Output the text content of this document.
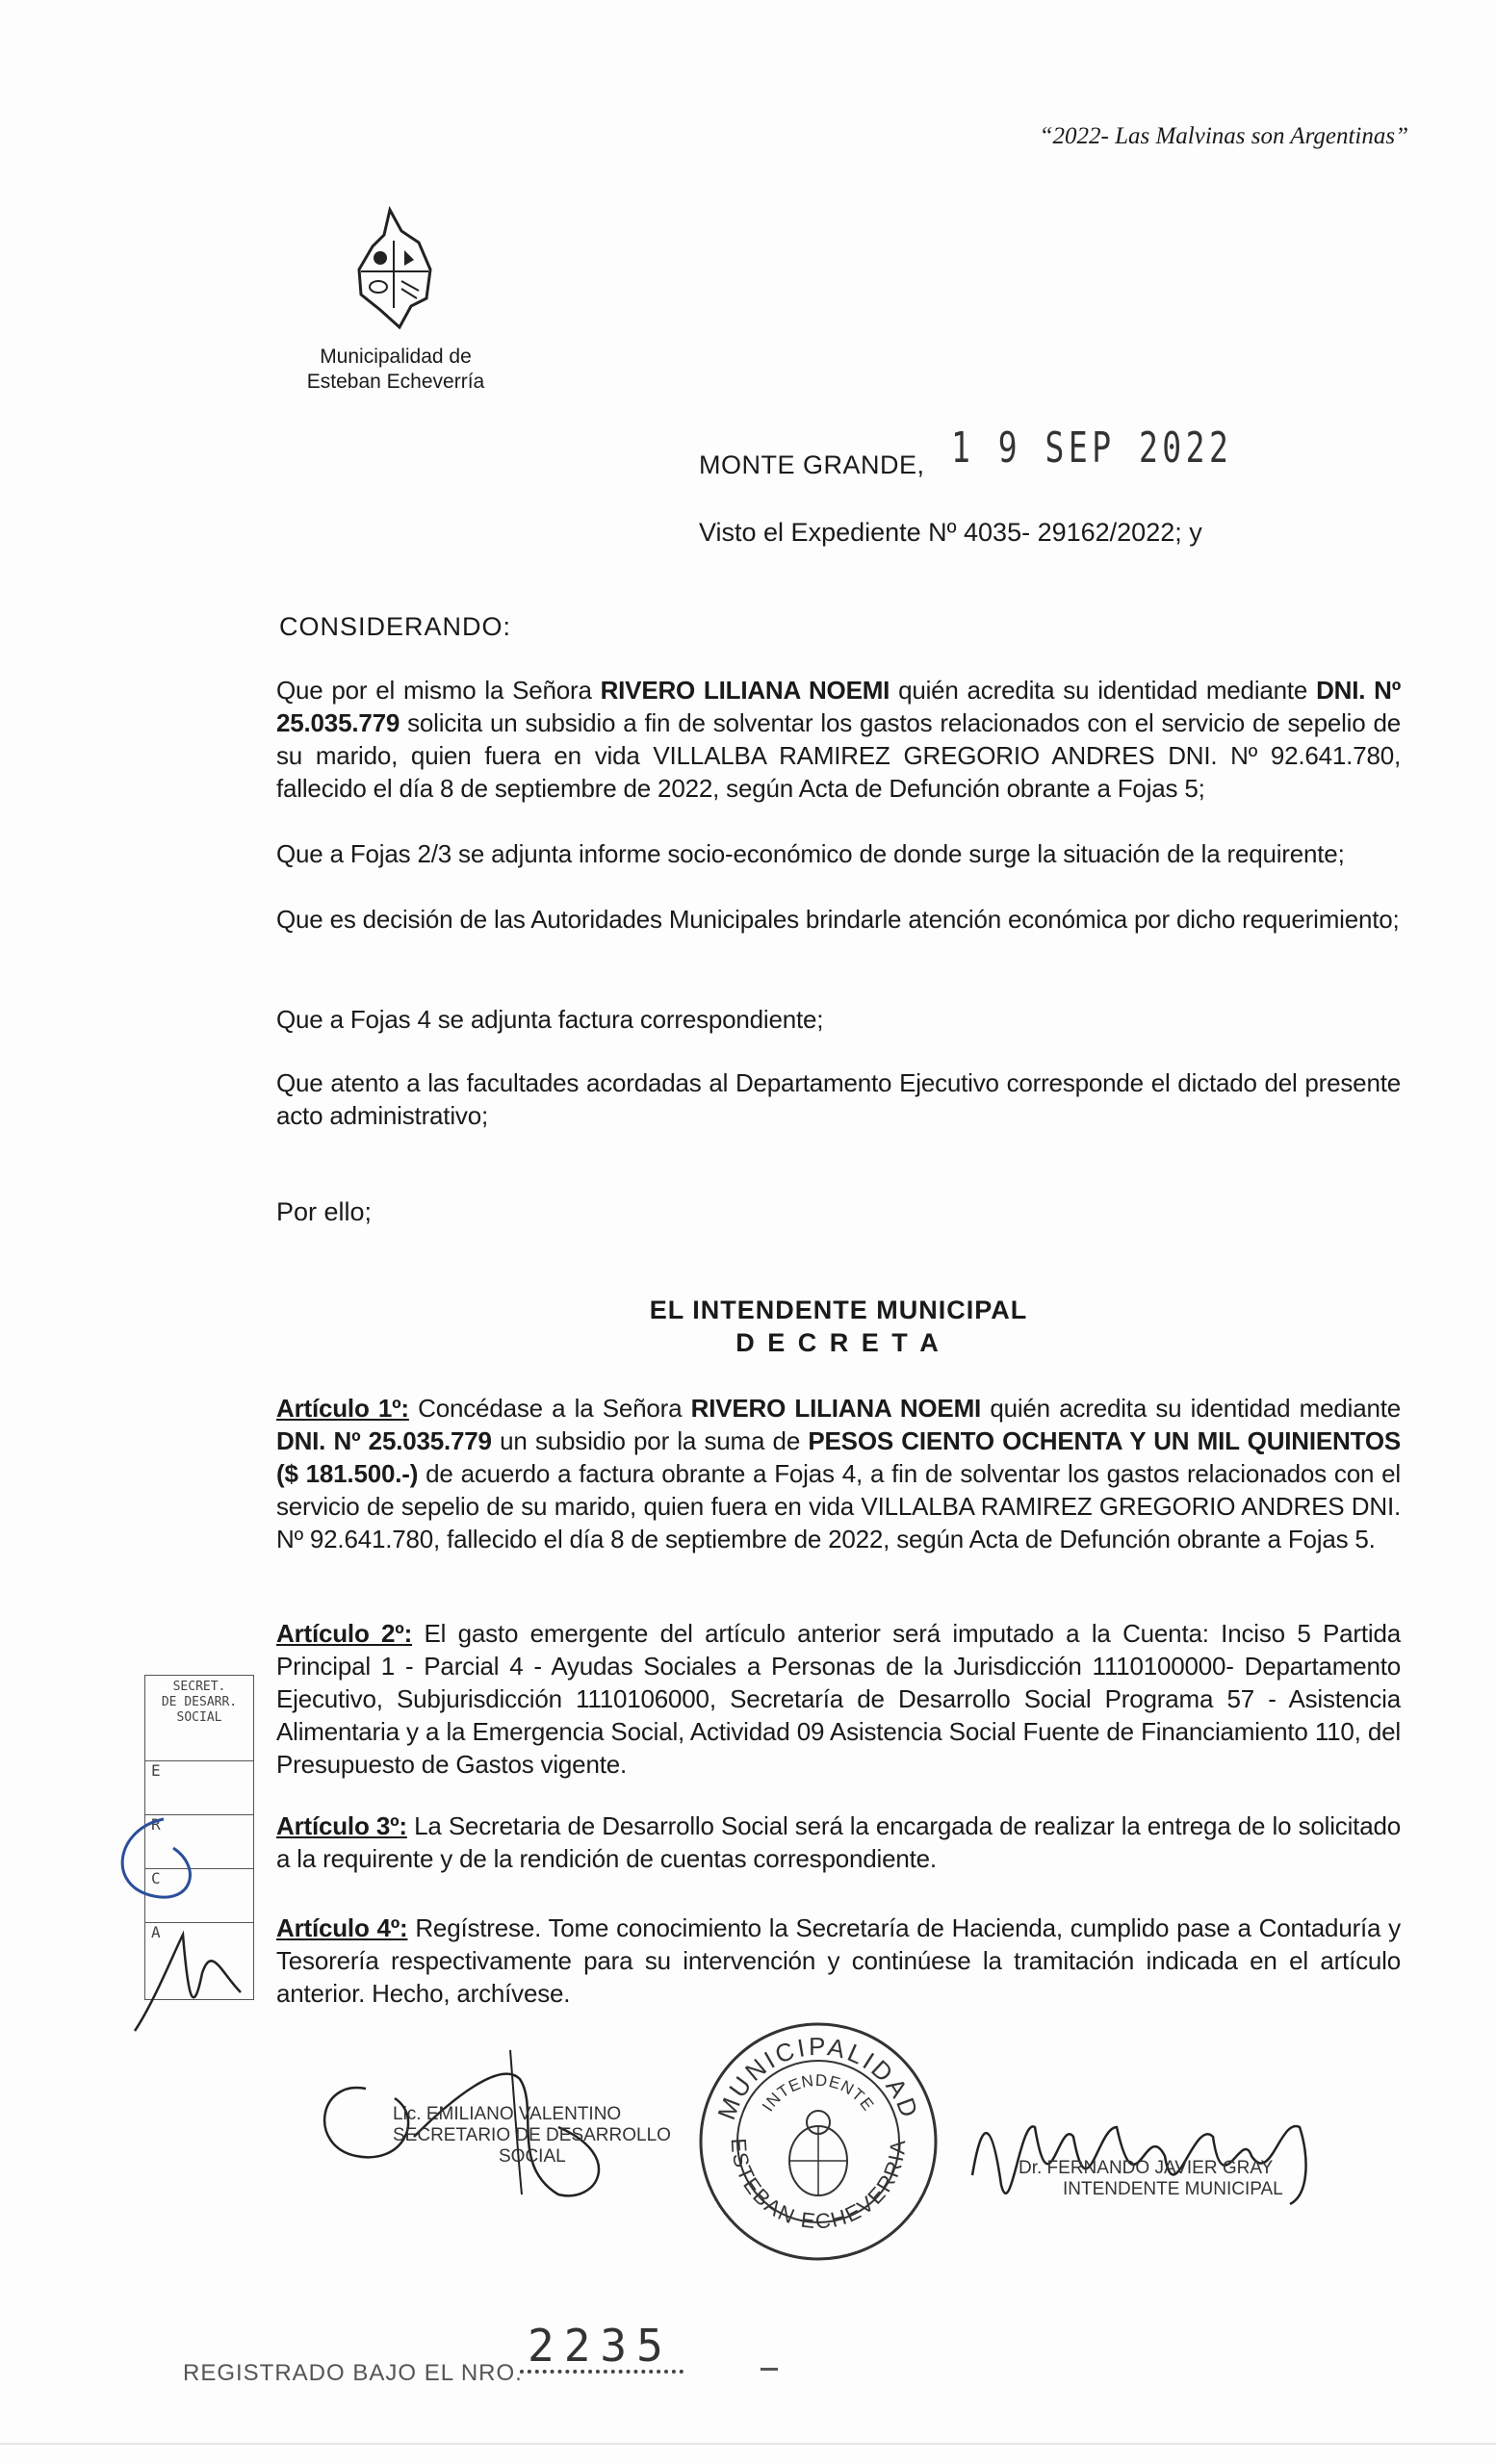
“2022- Las Malvinas son Argentinas”
Municipalidad de
Esteban Echeverría
MONTE GRANDE, 1 9 SEP 2022
Visto el Expediente Nº 4035- 29162/2022; y
CONSIDERANDO:
Que por el mismo la Señora RIVERO LILIANA NOEMI quién acredita su identidad mediante DNI. Nº 25.035.779 solicita un subsidio a fin de solventar los gastos relacionados con el servicio de sepelio de su marido, quien fuera en vida VILLALBA RAMIREZ GREGORIO ANDRES DNI. Nº 92.641.780, fallecido el día 8 de septiembre de 2022, según Acta de Defunción obrante a Fojas 5;
Que a Fojas 2/3 se adjunta informe socio-económico de donde surge la situación de la requirente;
Que es decisión de las Autoridades Municipales brindarle atención económica por dicho requerimiento;
Que a Fojas 4 se adjunta factura correspondiente;
Que atento a las facultades acordadas al Departamento Ejecutivo corresponde el dictado del presente acto administrativo;
Por ello;
EL INTENDENTE MUNICIPAL
D E C R E T A
Artículo 1º: Concédase a la Señora RIVERO LILIANA NOEMI quién acredita su identidad mediante DNI. Nº 25.035.779 un subsidio por la suma de PESOS CIENTO OCHENTA Y UN MIL QUINIENTOS ($ 181.500.-) de acuerdo a factura obrante a Fojas 4, a fin de solventar los gastos relacionados con el servicio de sepelio de su marido, quien fuera en vida VILLALBA RAMIREZ GREGORIO ANDRES DNI. Nº 92.641.780, fallecido el día 8 de septiembre de 2022, según Acta de Defunción obrante a Fojas 5.
Artículo 2º: El gasto emergente del artículo anterior será imputado a la Cuenta: Inciso 5 Partida Principal 1 - Parcial 4 - Ayudas Sociales a Personas de la Jurisdicción 1110100000- Departamento Ejecutivo, Subjurisdicción 1110106000, Secretaría de Desarrollo Social Programa 57 - Asistencia Alimentaria y a la Emergencia Social, Actividad 09 Asistencia Social Fuente de Financiamiento 110, del Presupuesto de Gastos vigente.
Artículo 3º: La Secretaria de Desarrollo Social será la encargada de realizar la entrega de lo solicitado a la requirente y de la rendición de cuentas correspondiente.
Artículo 4º: Regístrese. Tome conocimiento la Secretaría de Hacienda, cumplido pase a Contaduría y Tesorería respectivamente para su intervención y continúese la tramitación indicada en el artículo anterior. Hecho, archívese.
SECRET.
DE DESARR.
SOCIAL
E
R
C
A
Lic. EMILIANO VALENTINO
SECRETARIO DE DESARROLLO
SOCIAL
MUNICIPALIDAD
ESTEBAN ECHEVERRIA
INTENDENTE
Dr. FERNANDO JAVIER GRAY
INTENDENTE MUNICIPAL
REGISTRADO BAJO EL NRO.
2235
